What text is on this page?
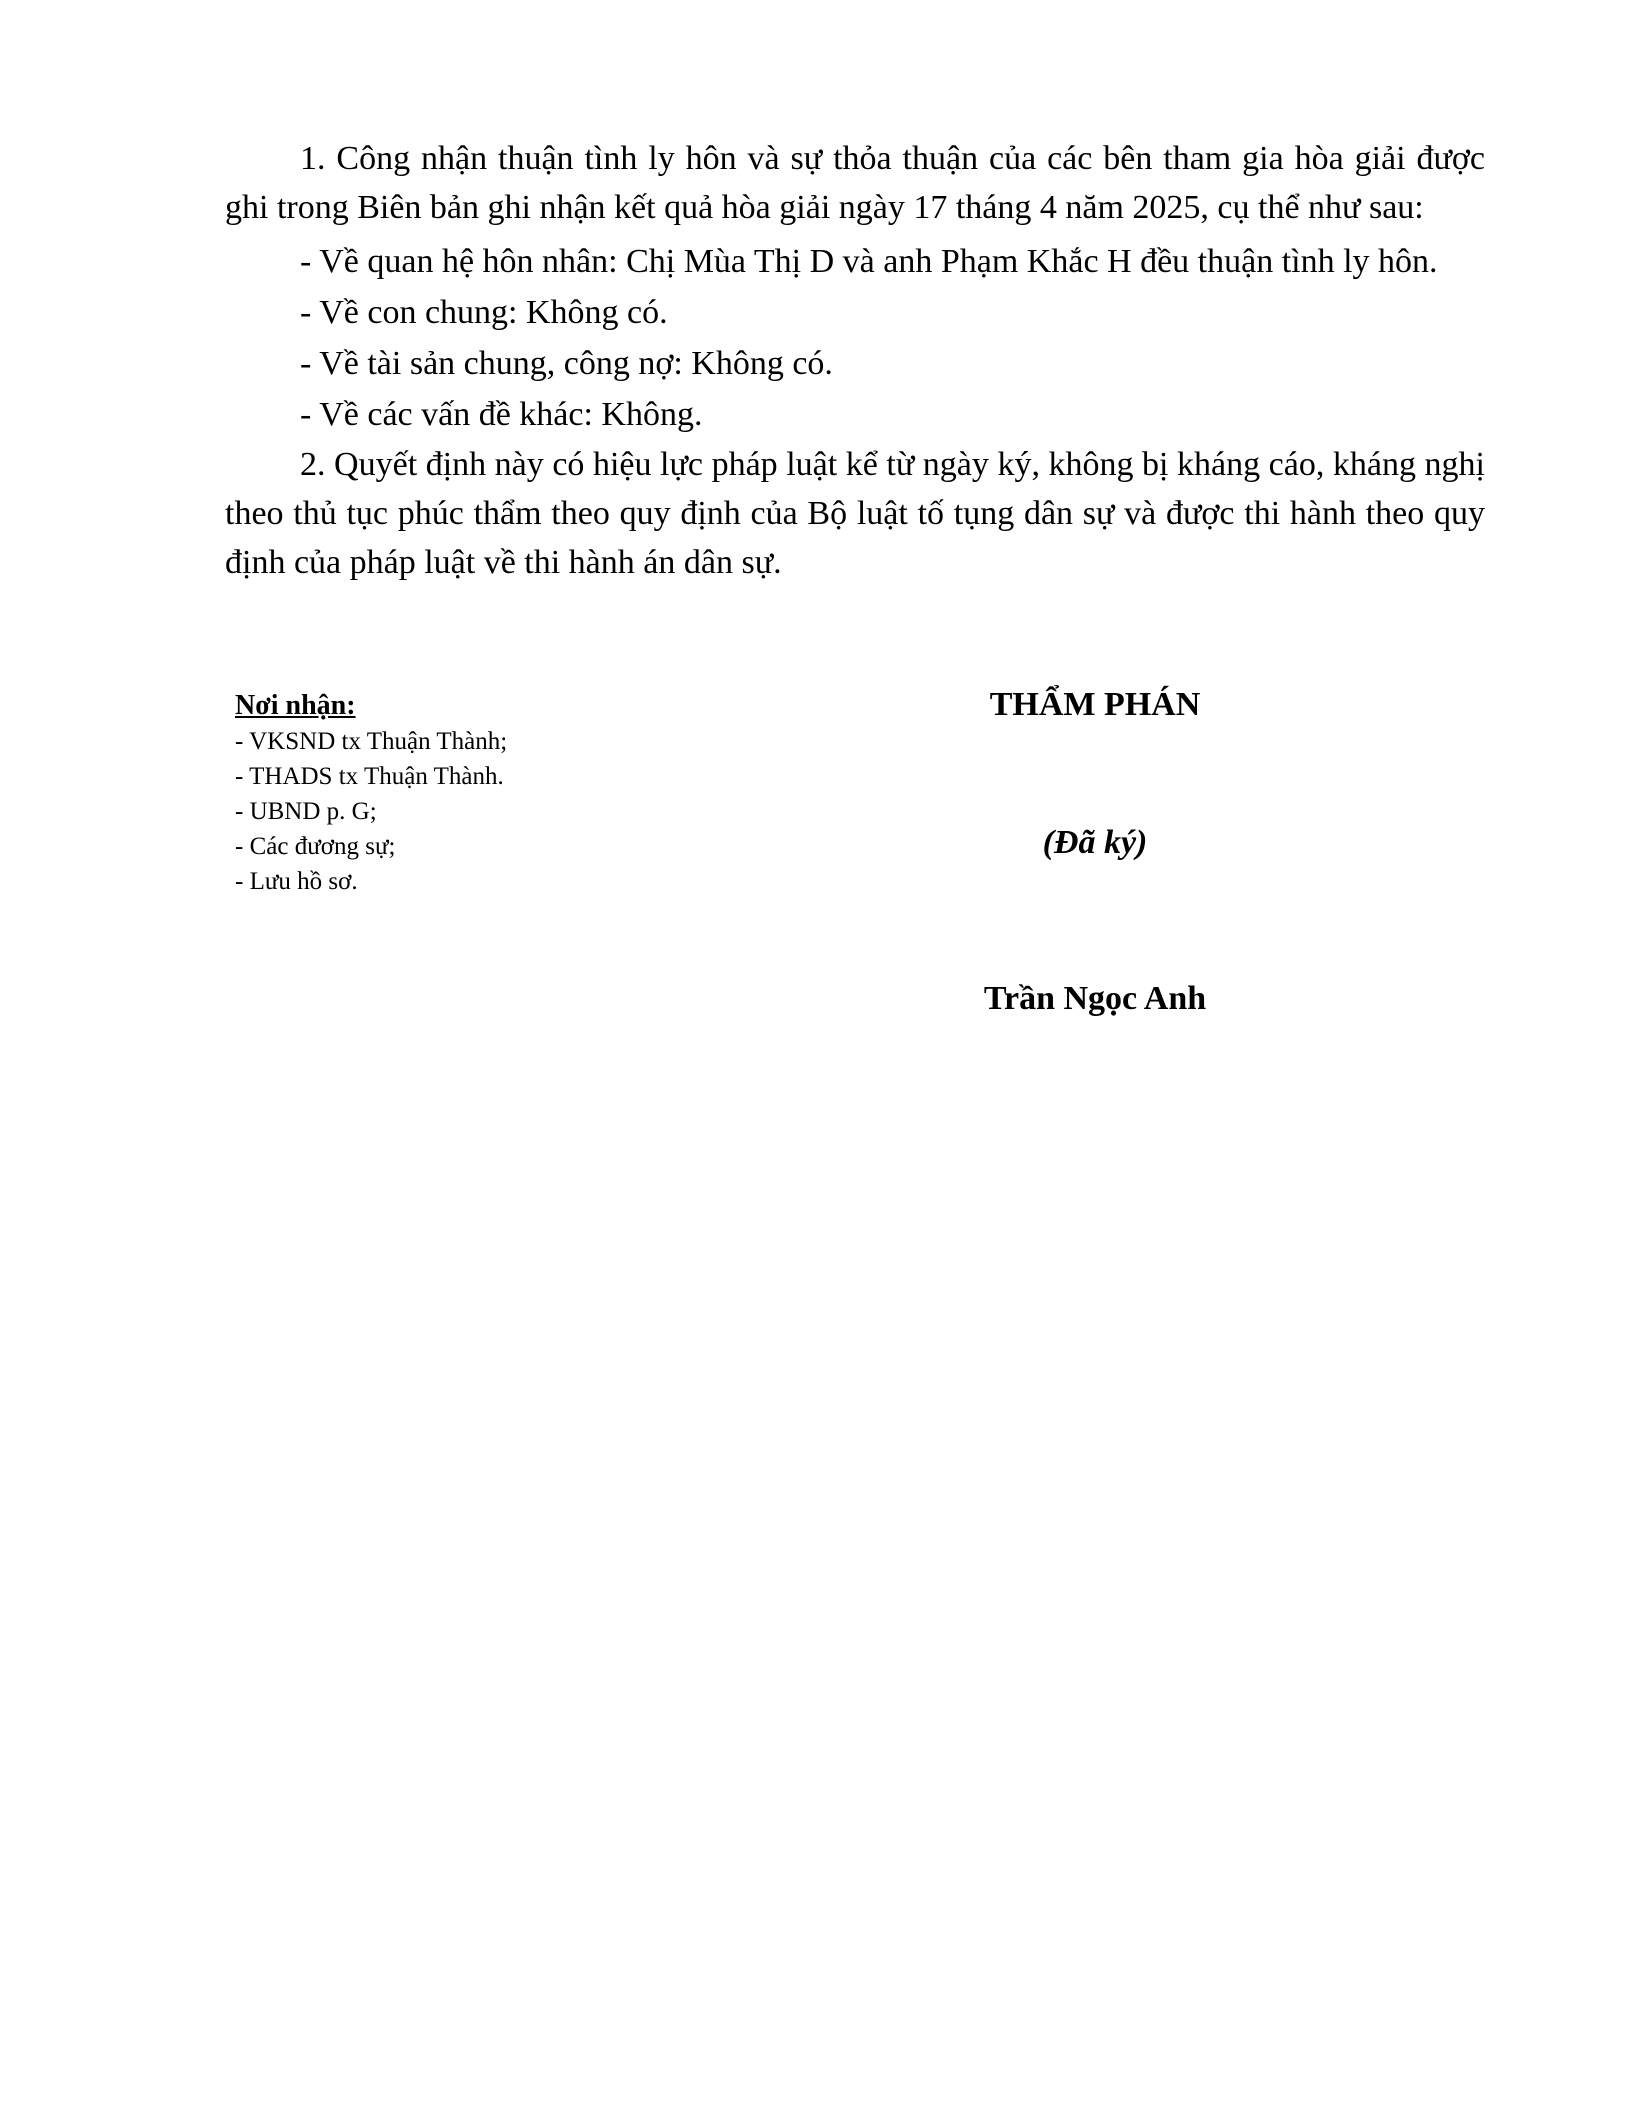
1. Công nhận thuận tình ly hôn và sự thỏa thuận của các bên tham gia hòa giải được ghi trong Biên bản ghi nhận kết quả hòa giải ngày 17 tháng 4 năm 2025, cụ thể như sau:

- Về quan hệ hôn nhân: Chị Mùa Thị D và anh Phạm Khắc H đều thuận tình ly hôn.

- Về con chung: Không có.

- Về tài sản chung, công nợ: Không có.

- Về các vấn đề khác: Không.

2. Quyết định này có hiệu lực pháp luật kể từ ngày ký, không bị kháng cáo, kháng nghị theo thủ tục phúc thẩm theo quy định của Bộ luật tố tụng dân sự và được thi hành theo quy định của pháp luật về thi hành án dân sự.

Nơi nhận:
- VKSND tx Thuận Thành;
- THADS tx Thuận Thành.
- UBND p. G;
- Các đương sự;
- Lưu hồ sơ.
THẨM PHÁN
(Đã ký)
Trần Ngọc Anh
